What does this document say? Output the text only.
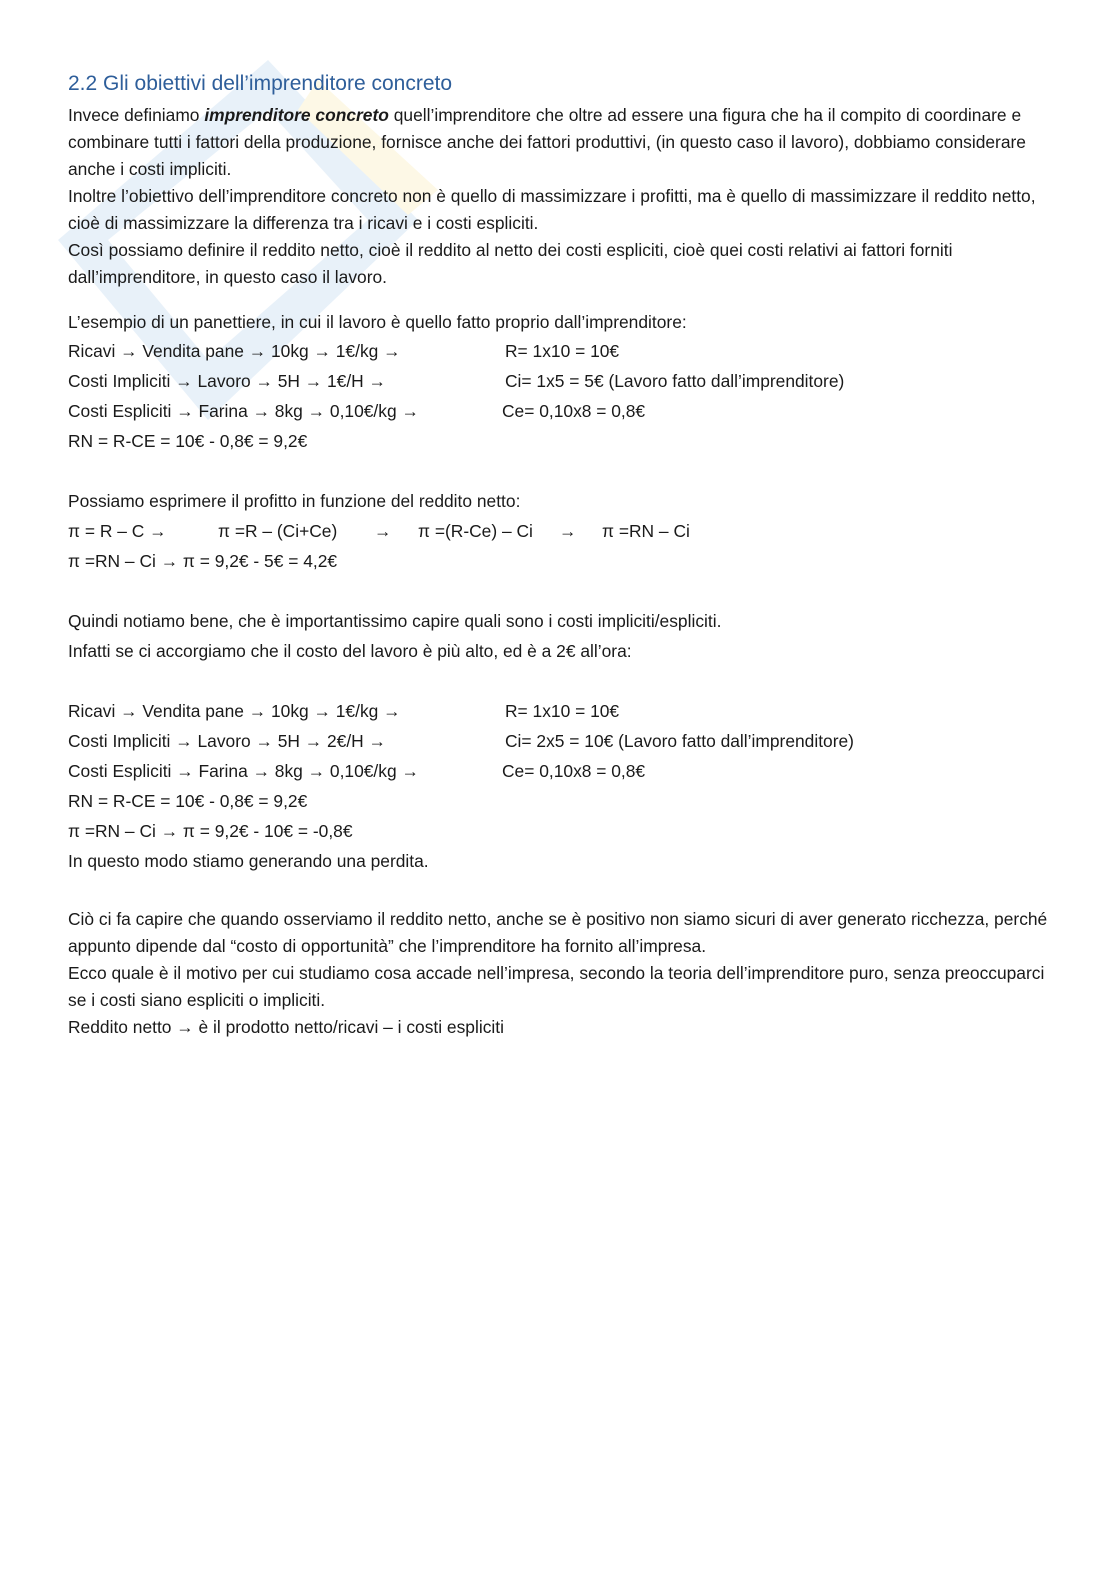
2.2 Gli obiettivi dell’imprenditore concreto

Invece definiamo imprenditore concreto quell’imprenditore che oltre ad essere una figura che ha il compito di coordinare e combinare tutti i fattori della produzione, fornisce anche dei fattori produttivi, (in questo caso il lavoro), dobbiamo considerare anche i costi impliciti.

Inoltre l’obiettivo dell’imprenditore concreto non è quello di massimizzare i profitti, ma è quello di massimizzare il reddito netto, cioè di massimizzare la differenza tra i ricavi e i costi espliciti.

Così possiamo definire il reddito netto, cioè il reddito al netto dei costi espliciti, cioè quei costi relativi ai fattori forniti dall’imprenditore, in questo caso il lavoro.

L’esempio di un panettiere, in cui il lavoro è quello fatto proprio dall’imprenditore:

Ricavi → Vendita pane → 10kg → 1€/kg →	R= 1x10 = 10€
Costi Impliciti → Lavoro → 5H → 1€/H →	Ci= 1x5 = 5€ (Lavoro fatto dall’imprenditore)
Costi Espliciti → Farina → 8kg → 0,10€/kg →	Ce= 0,10x8 = 0,8€
RN = R-CE = 10€ - 0,8€ = 9,2€
Possiamo esprimere il profitto in funzione del reddito netto:
π = R – C →	π =R – (Ci+Ce) → π =(R-Ce) – Ci → π =RN – Ci
π =RN – Ci → π = 9,2€ - 5€ = 4,2€
Quindi notiamo bene, che è importantissimo capire quali sono i costi impliciti/espliciti.
Infatti se ci accorgiamo che il costo del lavoro è più alto, ed è a 2€ all’ora:
Ricavi → Vendita pane → 10kg → 1€/kg →	R= 1x10 = 10€
Costi Impliciti → Lavoro → 5H → 2€/H →	Ci= 2x5 = 10€ (Lavoro fatto dall’imprenditore)
Costi Espliciti → Farina → 8kg → 0,10€/kg →	Ce= 0,10x8 = 0,8€
RN = R-CE = 10€ - 0,8€ = 9,2€
π =RN – Ci → π = 9,2€ - 10€ = -0,8€
In questo modo stiamo generando una perdita.

Ciò ci fa capire che quando osserviamo il reddito netto, anche se è positivo non siamo sicuri di aver generato ricchezza, perché appunto dipende dal “costo di opportunità” che l’imprenditore ha fornito all’impresa.

Ecco quale è il motivo per cui studiamo cosa accade nell’impresa, secondo la teoria dell’imprenditore puro, senza preoccuparci se i costi siano espliciti o impliciti.

Reddito netto → è il prodotto netto/ricavi – i costi espliciti
